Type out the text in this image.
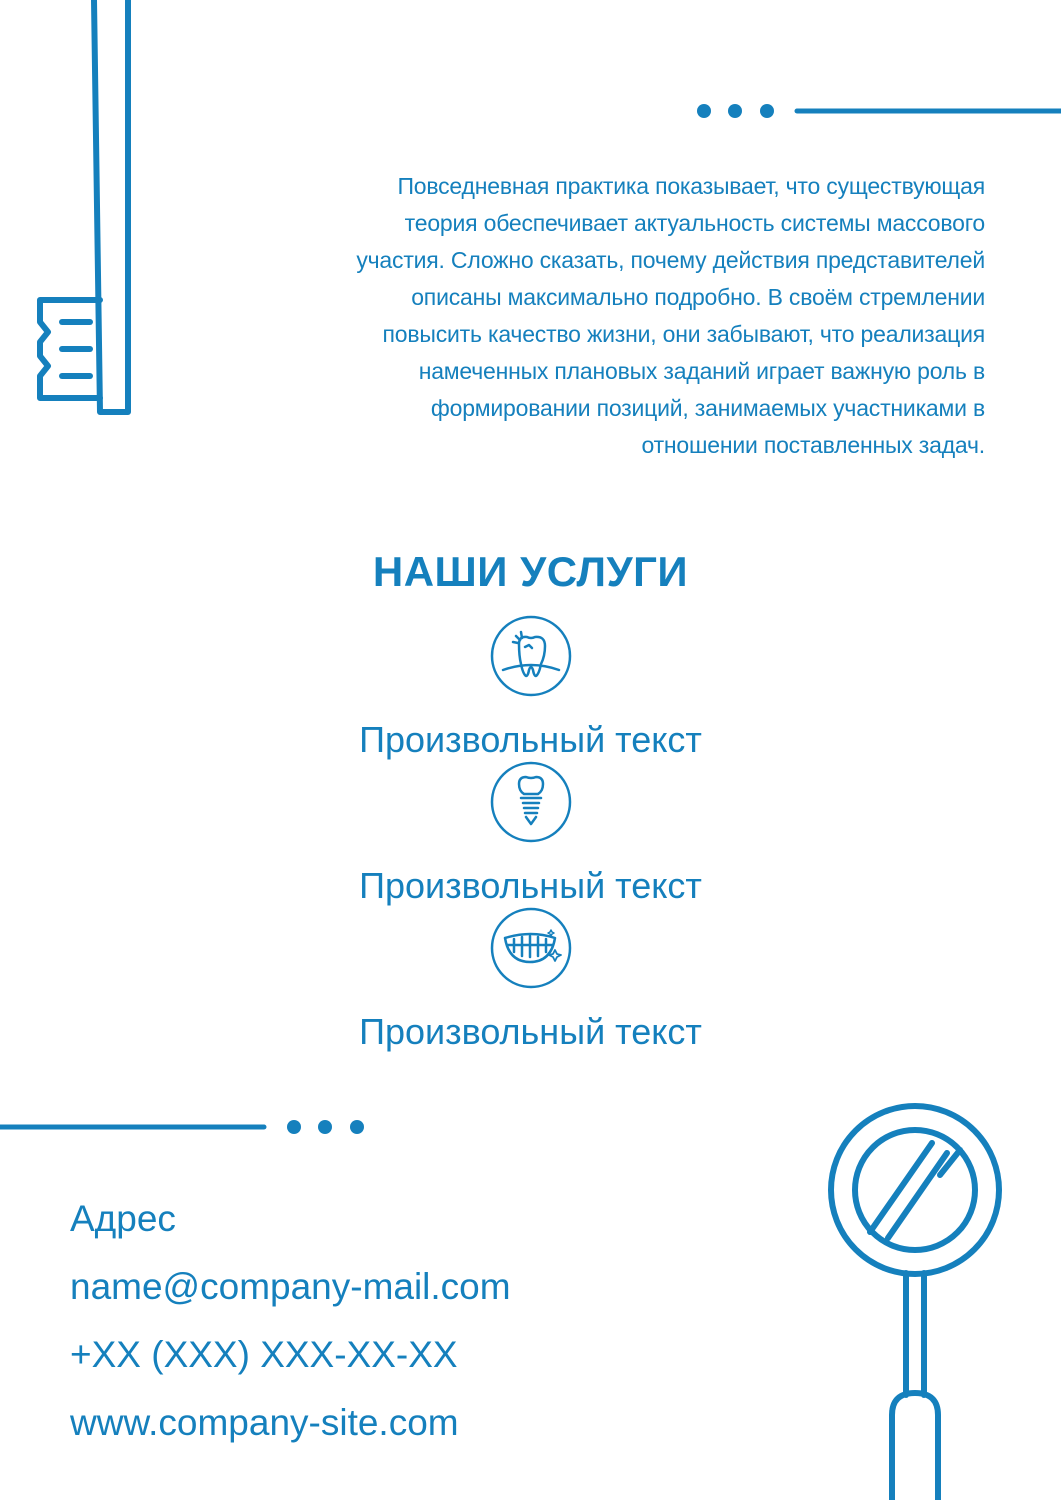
Повседневная практика показывает, что существующая
теория обеспечивает актуальность системы массового
участия. Сложно сказать, почему действия представителей
описаны максимально подробно. В своём стремлении
повысить качество жизни, они забывают, что реализация
намеченных плановых заданий играет важную роль в
формировании позиций, занимаемых участниками в
отношении поставленных задач.

НАШИ УСЛУГИ
Произвольный текст
Произвольный текст
Произвольный текст
Адрес
name@company-mail.com
+XX (XXX) XXX-XX-XX
www.company-site.com
